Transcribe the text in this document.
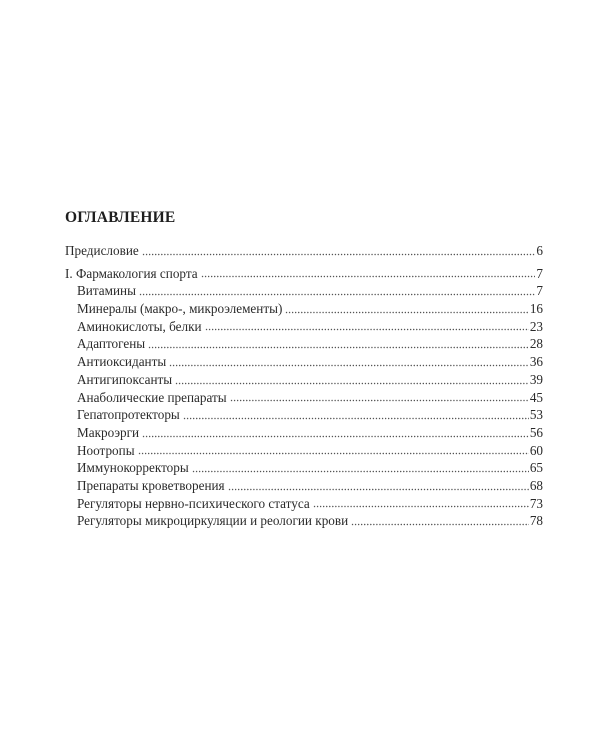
ОГЛАВЛЕНИЕ
Предисловие	6
I. Фармакология спорта	7
Витамины	7
Минералы (макро-, микроэлементы)	16
Аминокислоты, белки	23
Адаптогены	28
Антиоксиданты	36
Антигипоксанты	39
Анаболические препараты	45
Гепатопротекторы	53
Макроэрги	56
Ноотропы	60
Иммунокорректоры	65
Препараты кроветворения	68
Регуляторы нервно-психического статуса	73
Регуляторы микроциркуляции и реологии крови	78
